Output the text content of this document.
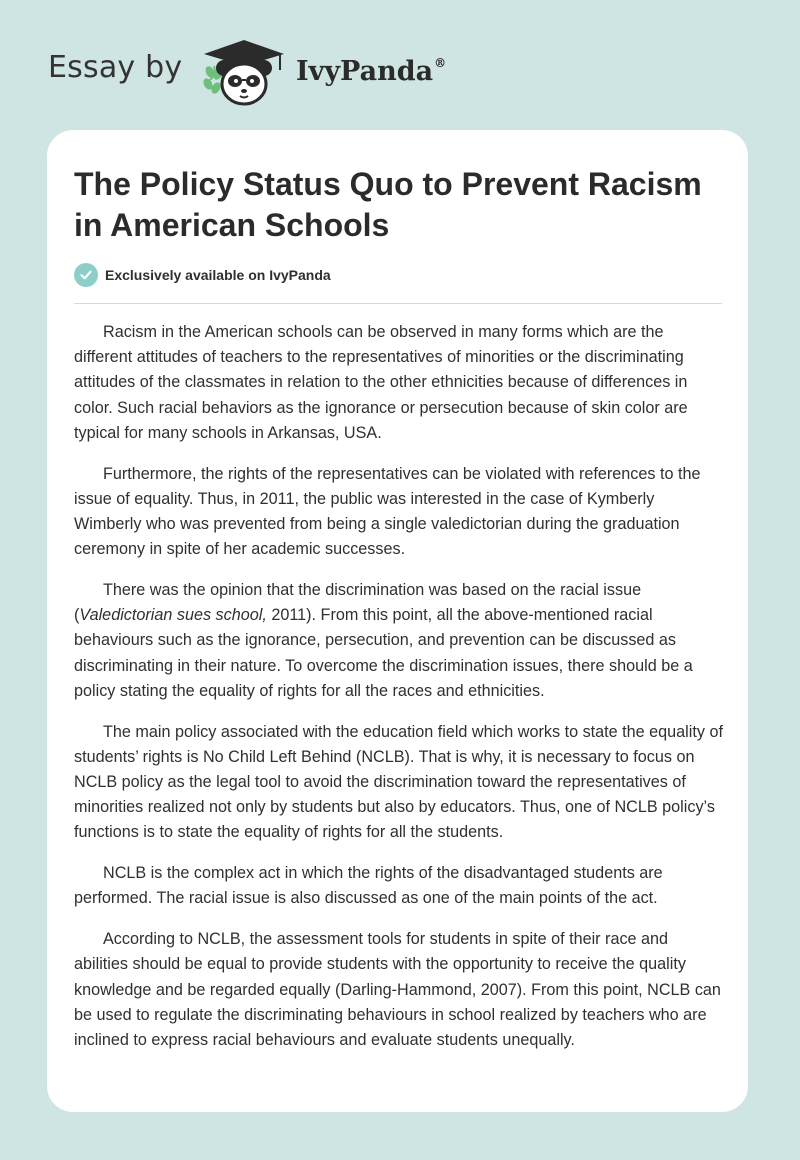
Essay by	IvyPanda®
The Policy Status Quo to Prevent Racism in American Schools
Exclusively available on IvyPanda

Racism in the American schools can be observed in many forms which are the different attitudes of teachers to the representatives of minorities or the discriminating attitudes of the classmates in relation to the other ethnicities because of differences in color. Such racial behaviors as the ignorance or persecution because of skin color are typical for many schools in Arkansas, USA.

Furthermore, the rights of the representatives can be violated with references to the issue of equality. Thus, in 2011, the public was interested in the case of Kymberly Wimberly who was prevented from being a single valedictorian during the graduation ceremony in spite of her academic successes.

There was the opinion that the discrimination was based on the racial issue (Valedictorian sues school, 2011). From this point, all the above-mentioned racial behaviours such as the ignorance, persecution, and prevention can be discussed as discriminating in their nature. To overcome the discrimination issues, there should be a policy stating the equality of rights for all the races and ethnicities.

The main policy associated with the education field which works to state the equality of students’ rights is No Child Left Behind (NCLB). That is why, it is necessary to focus on NCLB policy as the legal tool to avoid the discrimination toward the representatives of minorities realized not only by students but also by educators. Thus, one of NCLB policy’s functions is to state the equality of rights for all the students.

NCLB is the complex act in which the rights of the disadvantaged students are performed. The racial issue is also discussed as one of the main points of the act.

According to NCLB, the assessment tools for students in spite of their race and abilities should be equal to provide students with the opportunity to receive the quality knowledge and be regarded equally (Darling-Hammond, 2007). From this point, NCLB can be used to regulate the discriminating behaviours in school realized by teachers who are inclined to express racial behaviours and evaluate students unequally.
